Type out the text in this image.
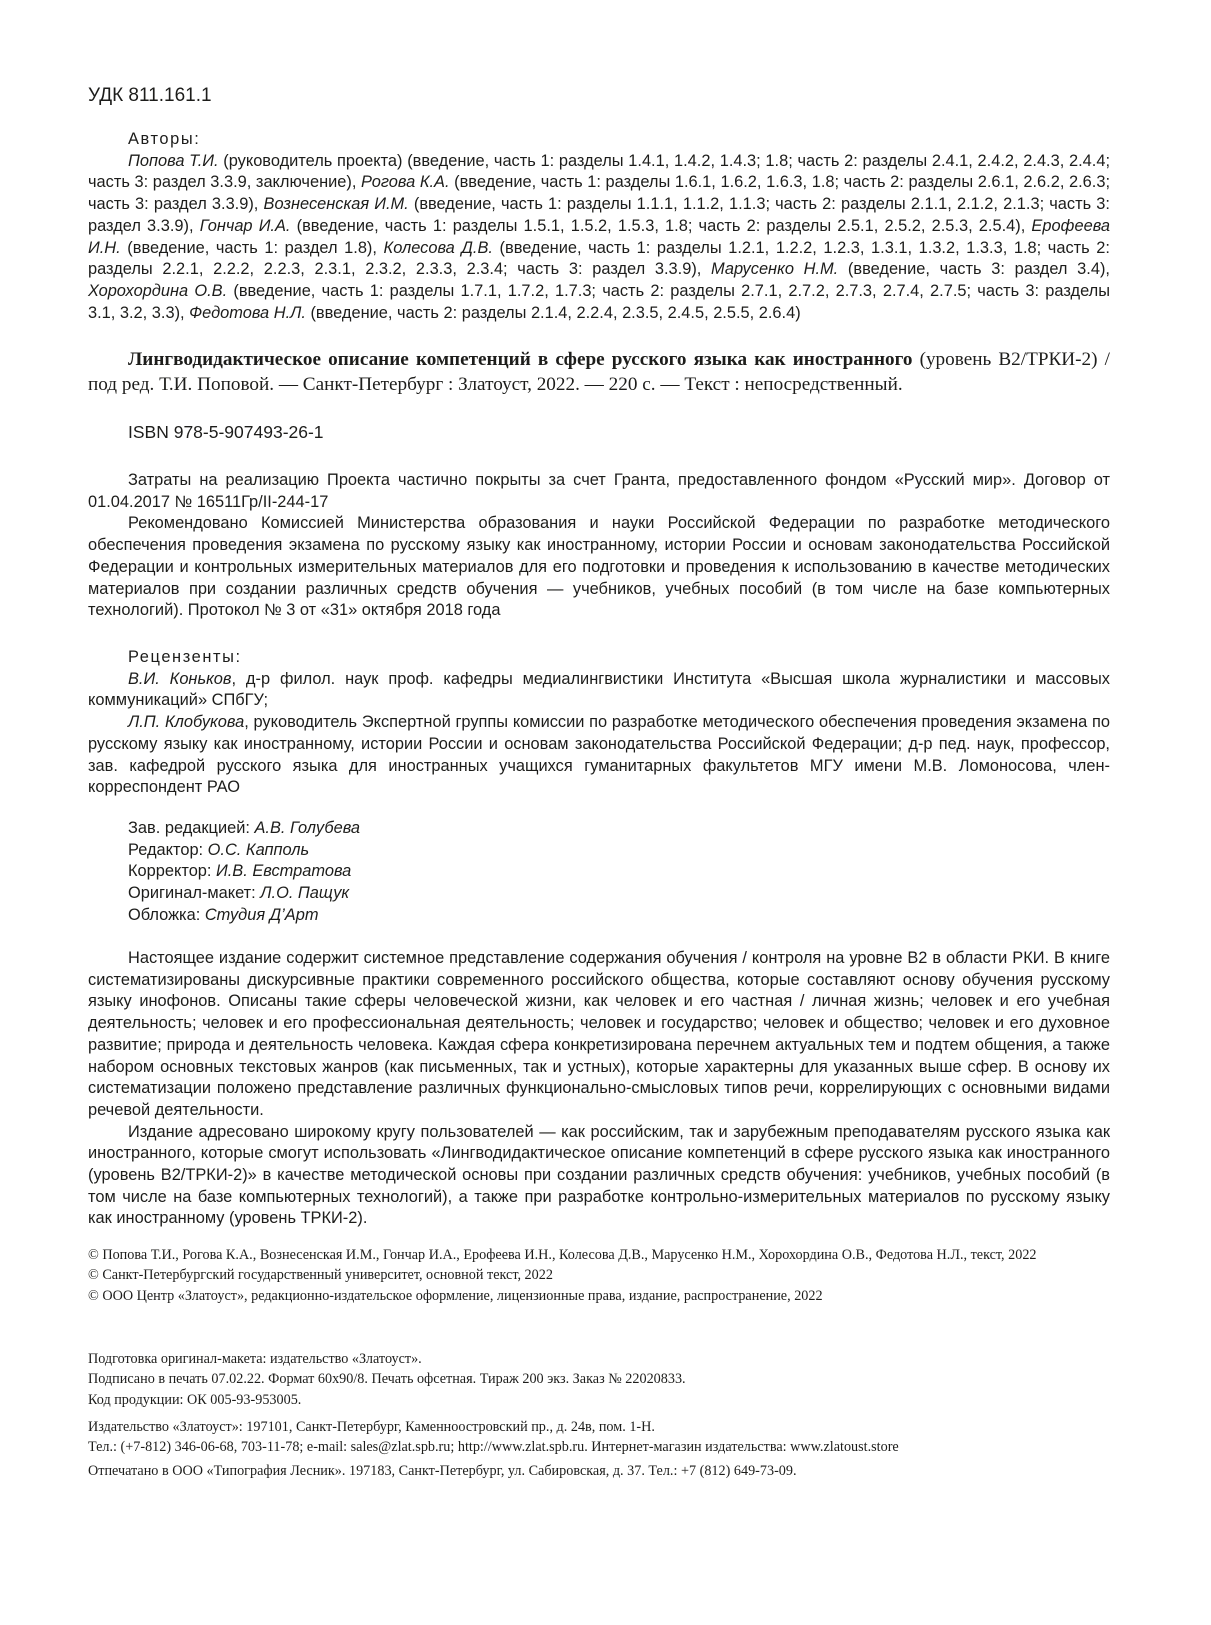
УДК 811.161.1

Авторы:

Попова Т.И. (руководитель проекта) (введение, часть 1: разделы 1.4.1, 1.4.2, 1.4.3; 1.8; часть 2: разделы 2.4.1, 2.4.2, 2.4.3, 2.4.4; часть 3: раздел 3.3.9, заключение), Рогова К.А. (введение, часть 1: разделы 1.6.1, 1.6.2, 1.6.3, 1.8; часть 2: разделы 2.6.1, 2.6.2, 2.6.3; часть 3: раздел 3.3.9), Вознесенская И.М. (введение, часть 1: разделы 1.1.1, 1.1.2, 1.1.3; часть 2: разделы 2.1.1, 2.1.2, 2.1.3; часть 3: раздел 3.3.9), Гончар И.А. (введение, часть 1: разделы 1.5.1, 1.5.2, 1.5.3, 1.8; часть 2: разделы 2.5.1, 2.5.2, 2.5.3, 2.5.4), Ерофеева И.Н. (введение, часть 1: раздел 1.8), Колесова Д.В. (введение, часть 1: разделы 1.2.1, 1.2.2, 1.2.3, 1.3.1, 1.3.2, 1.3.3, 1.8; часть 2: разделы 2.2.1, 2.2.2, 2.2.3, 2.3.1, 2.3.2, 2.3.3, 2.3.4; часть 3: раздел 3.3.9), Марусенко Н.М. (введение, часть 3: раздел 3.4), Хорохордина О.В. (введение, часть 1: разделы 1.7.1, 1.7.2, 1.7.3; часть 2: разделы 2.7.1, 2.7.2, 2.7.3, 2.7.4, 2.7.5; часть 3: разделы 3.1, 3.2, 3.3), Федотова Н.Л. (введение, часть 2: разделы 2.1.4, 2.2.4, 2.3.5, 2.4.5, 2.5.5, 2.6.4)

Лингводидактическое описание компетенций в сфере русского языка как иностранного (уровень В2/ТРКИ-2) / под ред. Т.И. Поповой. — Санкт-Петербург : Златоуст, 2022. — 220 с. — Текст : непосредственный.

ISBN 978-5-907493-26-1

Затраты на реализацию Проекта частично покрыты за счет Гранта, предоставленного фондом «Русский мир». Договор от 01.04.2017 № 16511Гр/II-244-17

Рекомендовано Комиссией Министерства образования и науки Российской Федерации по разработке методического обеспечения проведения экзамена по русскому языку как иностранному, истории России и основам законодательства Российской Федерации и контрольных измерительных материалов для его подготовки и проведения к использованию в качестве методических материалов при создании различных средств обучения — учебников, учебных пособий (в том числе на базе компьютерных технологий). Протокол № 3 от «31» октября 2018 года

Рецензенты:

В.И. Коньков, д-р филол. наук проф. кафедры медиалингвистики Института «Высшая школа журналистики и массовых коммуникаций» СПбГУ;

Л.П. Клобукова, руководитель Экспертной группы комиссии по разработке методического обеспечения проведения экзамена по русскому языку как иностранному, истории России и основам законодательства Российской Федерации; д-р пед. наук, профессор, зав. кафедрой русского языка для иностранных учащихся гуманитарных факультетов МГУ имени М.В. Ломоносова, член-корреспондент РАО

Зав. редакцией: А.В. Голубева

Редактор: О.С. Капполь

Корректор: И.В. Евстратова

Оригинал-макет: Л.О. Пащук

Обложка: Студия Д’Арт

Настоящее издание содержит системное представление содержания обучения / контроля на уровне В2 в области РКИ. В книге систематизированы дискурсивные практики современного российского общества, которые составляют основу обучения русскому языку инофонов. Описаны такие сферы человеческой жизни, как человек и его частная / личная жизнь; человек и его учебная деятельность; человек и его профессиональная деятельность; человек и государство; человек и общество; человек и его духовное развитие; природа и деятельность человека. Каждая сфера конкретизирована перечнем актуальных тем и подтем общения, а также набором основных текстовых жанров (как письменных, так и устных), которые характерны для указанных выше сфер. В основу их систематизации положено представление различных функционально-смысловых типов речи, коррелирующих с основными видами речевой деятельности.

Издание адресовано широкому кругу пользователей — как российским, так и зарубежным преподавателям русского языка как иностранного, которые смогут использовать «Лингводидактическое описание компетенций в сфере русского языка как иностранного (уровень В2/ТРКИ-2)» в качестве методической основы при создании различных средств обучения: учебников, учебных пособий (в том числе на базе компьютерных технологий), а также при разработке контрольно-измерительных материалов по русскому языку как иностранному (уровень ТРКИ-2).

© Попова Т.И., Рогова К.А., Вознесенская И.М., Гончар И.А., Ерофеева И.Н., Колесова Д.В., Марусенко Н.М., Хорохордина О.В., Федотова Н.Л., текст, 2022

© Санкт-Петербургский государственный университет, основной текст, 2022

© ООО Центр «Златоуст», редакционно-издательское оформление, лицензионные права, издание, распространение, 2022

Подготовка оригинал-макета: издательство «Златоуст».

Подписано в печать 07.02.22. Формат 60x90/8. Печать офсетная. Тираж 200 экз. Заказ № 22020833.

Код продукции: ОК 005-93-953005.

Издательство «Златоуст»: 197101, Санкт-Петербург, Каменноостровский пр., д. 24в, пом. 1-Н.

Тел.: (+7-812) 346-06-68, 703-11-78; e-mail: sales@zlat.spb.ru; http://www.zlat.spb.ru. Интернет-магазин издательства: www.zlatoust.store

Отпечатано в ООО «Типография Лесник». 197183, Санкт-Петербург, ул. Сабировская, д. 37. Тел.: +7 (812) 649-73-09.
